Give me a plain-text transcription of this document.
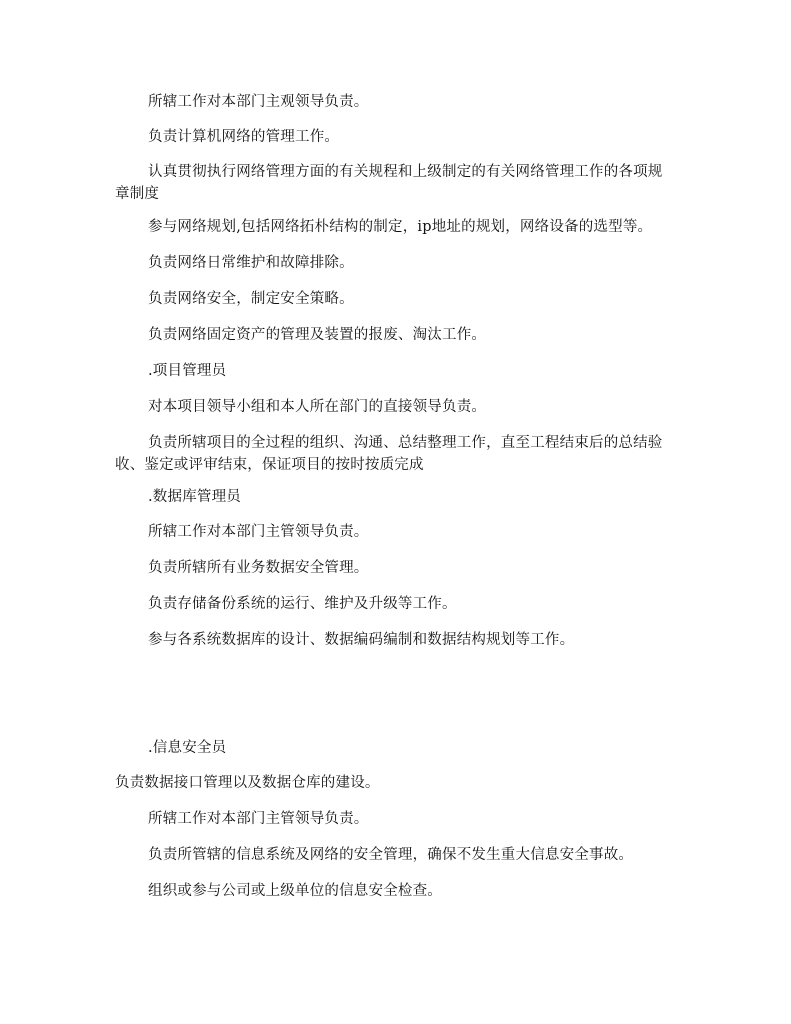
所辖工作对本部门主观领导负责。

负责计算机网络的管理工作。

认真贯彻执行网络管理方面的有关规程和上级制定的有关网络管理工作的各项规章制度

参与网络规划,包括网络拓朴结构的制定，ip地址的规划，网络设备的选型等。

负责网络日常维护和故障排除。

负责网络安全，制定安全策略。

负责网络固定资产的管理及装置的报废、淘汰工作。

.项目管理员

对本项目领导小组和本人所在部门的直接领导负责。

负责所辖项目的全过程的组织、沟通、总结整理工作，直至工程结束后的总结验收、鉴定或评审结束，保证项目的按时按质完成

.数据库管理员

所辖工作对本部门主管领导负责。

负责所辖所有业务数据安全管理。

负责存储备份系统的运行、维护及升级等工作。

参与各系统数据库的设计、数据编码编制和数据结构规划等工作。

.信息安全员

负责数据接口管理以及数据仓库的建设。

所辖工作对本部门主管领导负责。

负责所管辖的信息系统及网络的安全管理，确保不发生重大信息安全事故。

组织或参与公司或上级单位的信息安全检查。
